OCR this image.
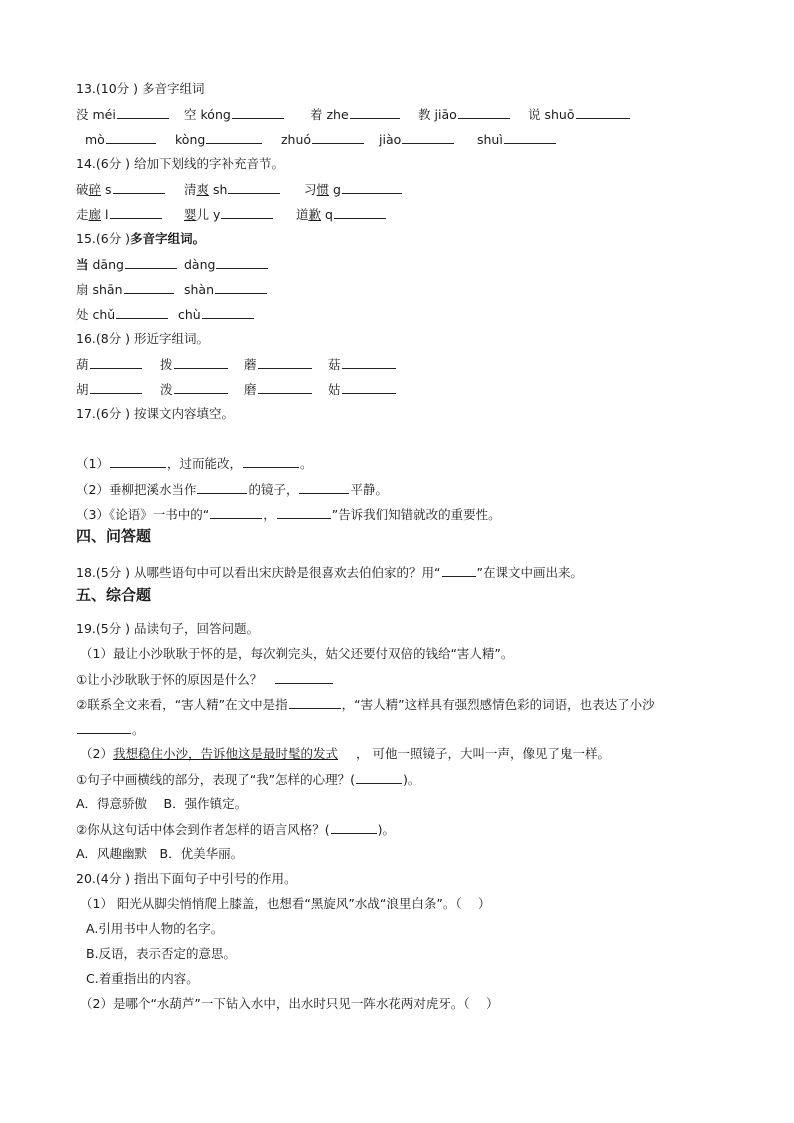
13.(10分 ) 多音字组词
没 méi	空 kóng	着 zhe	教 jiāo	说 shuō
mò	kòng	zhuó	jiào	shuì
14.(6分 ) 给加下划线的字补充音节。
破碎 s	清爽 sh	习惯 g
走廊 l	婴儿 y	道歉 q
15.(6分 ) 多音字组词。
当 dāng	dàng
扇 shān	shàn
处 chǔ	chù
16.(8分 ) 形近字组词。
葫	拨	蘑	菇
胡	泼	磨	姑
17.(6分 ) 按课文内容填空。
（1）	，过而能改，	。
（2）垂柳把溪水当作	的镜子，	平静。
（3）《论语》一书中的“	，	”告诉我们知错就改的重要性。
四、问答题
18.(5分 ) 从哪些语句中可以看出宋庆龄是很喜欢去伯伯家的？用“	”在课文中画出来。
五、综合题
19.(5分 ) 品读句子，回答问题。
（1）最让小沙耿耿于怀的是，每次剃完头，姑父还要付双倍的钱给“害人精”。
①让小沙耿耿于怀的原因是什么？

②联系全文来看，“害人精”在文中是指	，“害人精”这样具有强烈感情色彩的词语，也表达了小沙
。
（2） 我想稳住小沙，告诉他这是最时髦的发式 ， 可他一照镜子，大叫一声，像见了鬼一样。
①句子中画横线的部分，表现了“我”怎样的心理？(	)。
A．得意骄傲　 B．强作镇定。
②你从这句话中体会到作者怎样的语言风格？(	)。
A．风趣幽默　B．优美华丽。
20.(4分 ) 指出下面句子中引号的作用。
（1） 阳光从脚尖悄悄爬上膝盖，也想看“黑旋风”水战“浪里白条”。（　 ）
A.引用书中人物的名字。
B.反语，表示否定的意思。
C.着重指出的内容。
（2）是哪个“水葫芦”一下钻入水中，出水时只见一阵水花两对虎牙。（　 ）
